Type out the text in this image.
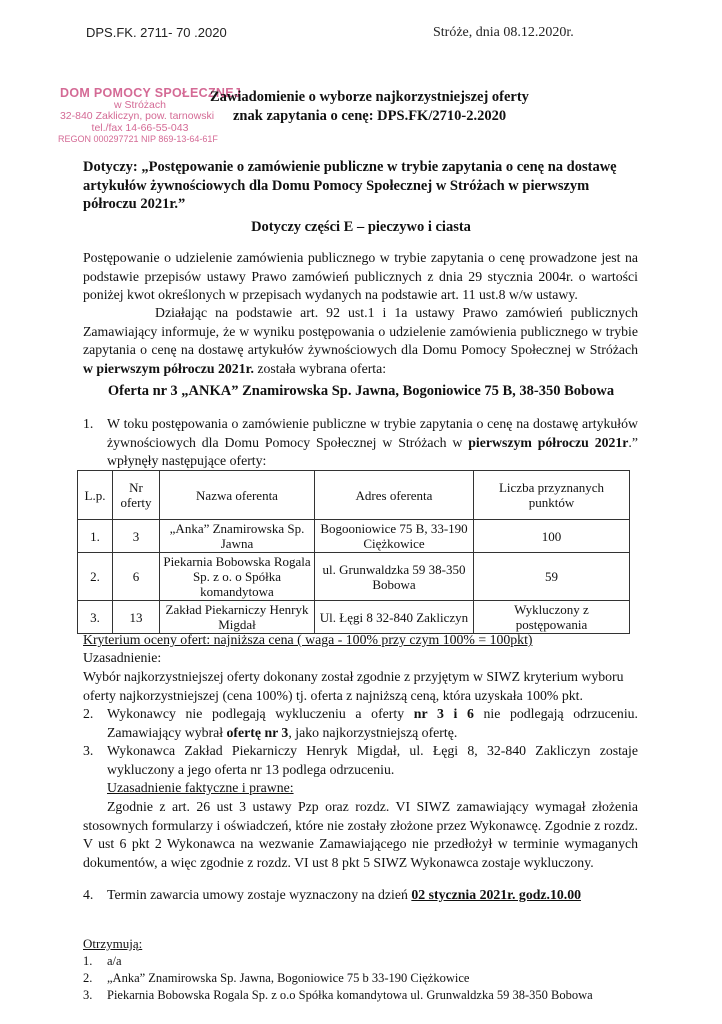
DPS.FK. 2711- 70 .2020	Stróże, dnia 08.12.2020r.
DOM POMOCY SPOŁECZNEJ
w Stróżach
32-840 Zakliczyn, pow. tarnowski
tel./fax 14-66-55-043
REGON 000297721 NIP 869-13-64-61F
Zawiadomienie o wyborze najkorzystniejszej oferty
znak zapytania o cenę: DPS.FK/2710-2.2020
Dotyczy: „Postępowanie o zamówienie publiczne w trybie zapytania o cenę na dostawę artykułów żywnościowych dla Domu Pomocy Społecznej w Stróżach w pierwszym półroczu 2021r.”
Dotyczy części E – pieczywo i ciasta
Postępowanie o udzielenie zamówienia publicznego w trybie zapytania o cenę prowadzone jest na podstawie przepisów ustawy Prawo zamówień publicznych z dnia 29 stycznia 2004r. o wartości poniżej kwot określonych w przepisach wydanych na podstawie art. 11 ust.8 w/w ustawy.
Działając na podstawie art. 92 ust.1 i 1a ustawy Prawo zamówień publicznych Zamawiający informuje, że w wyniku postępowania o udzielenie zamówienia publicznego w trybie zapytania o cenę na dostawę artykułów żywnościowych dla Domu Pomocy Społecznej w Stróżach w pierwszym półroczu 2021r. została wybrana oferta:
Oferta nr 3 „ANKA” Znamirowska Sp. Jawna, Bogoniowice 75 B, 38-350 Bobowa
1. W toku postępowania o zamówienie publiczne w trybie zapytania o cenę na dostawę artykułów żywnościowych dla Domu Pomocy Społecznej w Stróżach w pierwszym półroczu 2021r.” wpłynęły następujące oferty:
L.p.	Nr oferty	Nazwa oferenta	Adres oferenta	Liczba przyznanych punktów
1.	3	„Anka” Znamirowska Sp. Jawna	Bogooniowice 75 B, 33-190 Ciężkowice	100
2.	6	Piekarnia Bobowska Rogala Sp. z o. o Spółka komandytowa	ul. Grunwaldzka 59 38-350 Bobowa	59
3.	13	Zakład Piekarniczy Henryk Migdał	Ul. Łęgi 8 32-840 Zakliczyn	Wykluczony z postępowania
Kryterium oceny ofert: najniższa cena ( waga - 100% przy czym 100% = 100pkt)
Uzasadnienie:
Wybór najkorzystniejszej oferty dokonany został zgodnie z przyjętym w SIWZ kryterium wyboru oferty najkorzystniejszej (cena 100%) tj. oferta z najniższą ceną, która uzyskała 100% pkt.
2. Wykonawcy nie podlegają wykluczeniu a oferty nr 3 i 6 nie podlegają odrzuceniu. Zamawiający wybrał ofertę nr 3, jako najkorzystniejszą ofertę.
3. Wykonawca Zakład Piekarniczy Henryk Migdał, ul. Łęgi 8, 32-840 Zakliczyn zostaje wykluczony a jego oferta nr 13 podlega odrzuceniu.
Uzasadnienie faktyczne i prawne:
Zgodnie z art. 26 ust 3 ustawy Pzp oraz rozdz. VI SIWZ zamawiający wymagał złożenia stosownych formularzy i oświadczeń, które nie zostały złożone przez Wykonawcę. Zgodnie z rozdz. V ust 6 pkt 2 Wykonawca na wezwanie Zamawiającego nie przedłożył w terminie wymaganych dokumentów, a więc zgodnie z rozdz. VI ust 8 pkt 5 SIWZ Wykonawca zostaje wykluczony.
4. Termin zawarcia umowy zostaje wyznaczony na dzień 02 stycznia 2021r. godz.10.00
Otrzymują:
1. a/a
2. „Anka” Znamirowska Sp. Jawna, Bogoniowice 75 b 33-190 Ciężkowice
3. Piekarnia Bobowska Rogala Sp. z o.o Spółka komandytowa ul. Grunwaldzka 59 38-350 Bobowa
